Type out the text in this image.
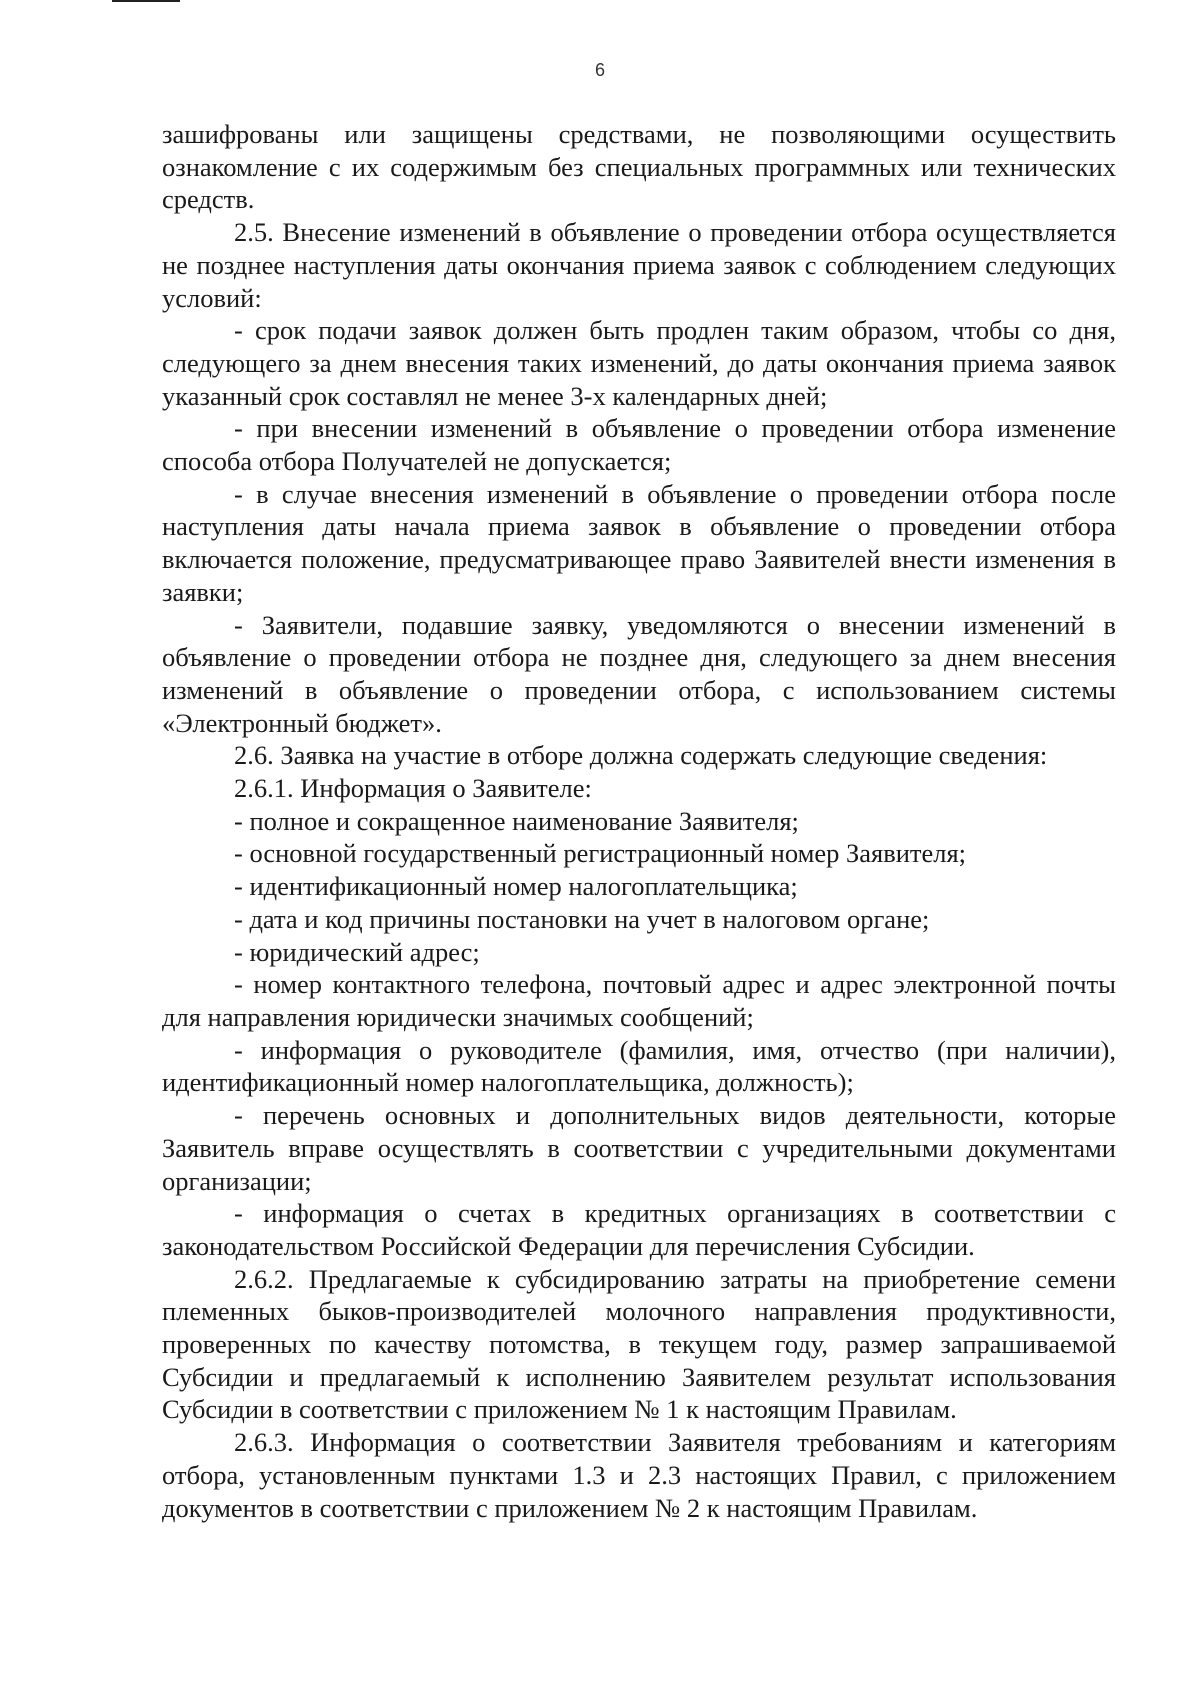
6

зашифрованы или защищены средствами, не позволяющими осуществить ознакомление с их содержимым без специальных программных или технических средств.

2.5. Внесение изменений в объявление о проведении отбора осуществляется не позднее наступления даты окончания приема заявок с соблюдением следующих условий:

- срок подачи заявок должен быть продлен таким образом, чтобы со дня, следующего за днем внесения таких изменений, до даты окончания приема заявок указанный срок составлял не менее 3-х календарных дней;

- при внесении изменений в объявление о проведении отбора изменение способа отбора Получателей не допускается;

- в случае внесения изменений в объявление о проведении отбора после наступления даты начала приема заявок в объявление о проведении отбора включается положение, предусматривающее право Заявителей внести изменения в заявки;

- Заявители, подавшие заявку, уведомляются о внесении изменений в объявление о проведении отбора не позднее дня, следующего за днем внесения изменений в объявление о проведении отбора, с использованием системы «Электронный бюджет».

2.6. Заявка на участие в отборе должна содержать следующие сведения:

2.6.1. Информация о Заявителе:

- полное и сокращенное наименование Заявителя;

- основной государственный регистрационный номер Заявителя;

- идентификационный номер налогоплательщика;

- дата и код причины постановки на учет в налоговом органе;

- юридический адрес;

- номер контактного телефона, почтовый адрес и адрес электронной почты для направления юридически значимых сообщений;

- информация о руководителе (фамилия, имя, отчество (при наличии), идентификационный номер налогоплательщика, должность);

- перечень основных и дополнительных видов деятельности, которые Заявитель вправе осуществлять в соответствии с учредительными документами организации;

- информация о счетах в кредитных организациях в соответствии с законодательством Российской Федерации для перечисления Субсидии.

2.6.2. Предлагаемые к субсидированию затраты на приобретение семени племенных быков-производителей молочного направления продуктивности, проверенных по качеству потомства, в текущем году, размер запрашиваемой Субсидии и предлагаемый к исполнению Заявителем результат использования Субсидии в соответствии с приложением № 1 к настоящим Правилам.

2.6.3. Информация о соответствии Заявителя требованиям и категориям отбора, установленным пунктами 1.3 и 2.3 настоящих Правил, с приложением документов в соответствии с приложением № 2 к настоящим Правилам.
